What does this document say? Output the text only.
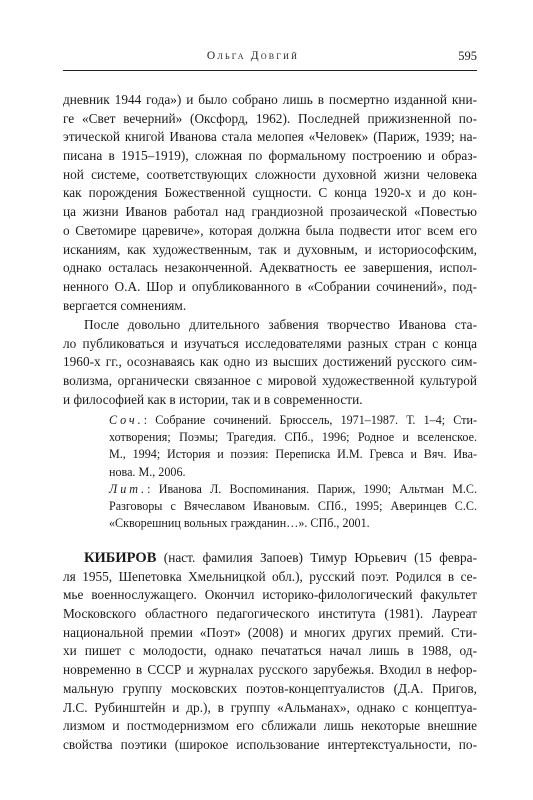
Ольга Довгий	595
дневник 1944 года») и было собрано лишь в посмертно изданной кни-
ге «Свет вечерний» (Оксфорд, 1962). Последней прижизненной по-
этической книгой Иванова стала мелопея «Человек» (Париж, 1939; на-
писана в 1915–1919), сложная по формальному построению и образ-
ной системе, соответствующих сложности духовной жизни человека
как порождения Божественной сущности. С конца 1920-х и до кон-
ца жизни Иванов работал над грандиозной прозаической «Повестью
о Светомире царевиче», которая должна была подвести итог всем его
исканиям, как художественным, так и духовным, и историософским,
однако осталась незаконченной. Адекватность ее завершения, испол-
ненного О.А. Шор и опубликованного в «Собрании сочинений», под-
вергается сомнениям.
После довольно длительного забвения творчество Иванова ста-
ло публиковаться и изучаться исследователями разных стран с конца
1960-х гг., осознаваясь как одно из высших достижений русского сим-
волизма, органически связанное с мировой художественной культурой
и философией как в истории, так и в современности.
Соч.: Собрание сочинений. Брюссель, 1971–1987. Т. 1–4; Сти-
хотворения; Поэмы; Трагедия. СПб., 1996; Родное и вселенское.
М., 1994; История и поэзия: Переписка И.М. Гревса и Вяч. Ива-
нова. М., 2006.
Лит.: Иванова Л. Воспоминания. Париж, 1990; Альтман М.С.
Разговоры с Вячеславом Ивановым. СПб., 1995; Аверинцев С.С.
«Скворешниц вольных гражданин…». СПб., 2001.
КИБИРОВ (наст. фамилия Запоев) Тимур Юрьевич (15 февра-
ля 1955, Шепетовка Хмельницкой обл.), русский поэт. Родился в се-
мье военнослужащего. Окончил историко-филологический факультет
Московского областного педагогического института (1981). Лауреат
национальной премии «Поэт» (2008) и многих других премий. Сти-
хи пишет с молодости, однако печататься начал лишь в 1988, од-
новременно в СССР и журналах русского зарубежья. Входил в нефор-
мальную группу московских поэтов-концептуалистов (Д.А. Пригов,
Л.С. Рубинштейн и др.), в группу «Альманах», однако с концептуа-
лизмом и постмодернизмом его сближали лишь некоторые внешние
свойства поэтики (широкое использование интертекстуальности, по-
